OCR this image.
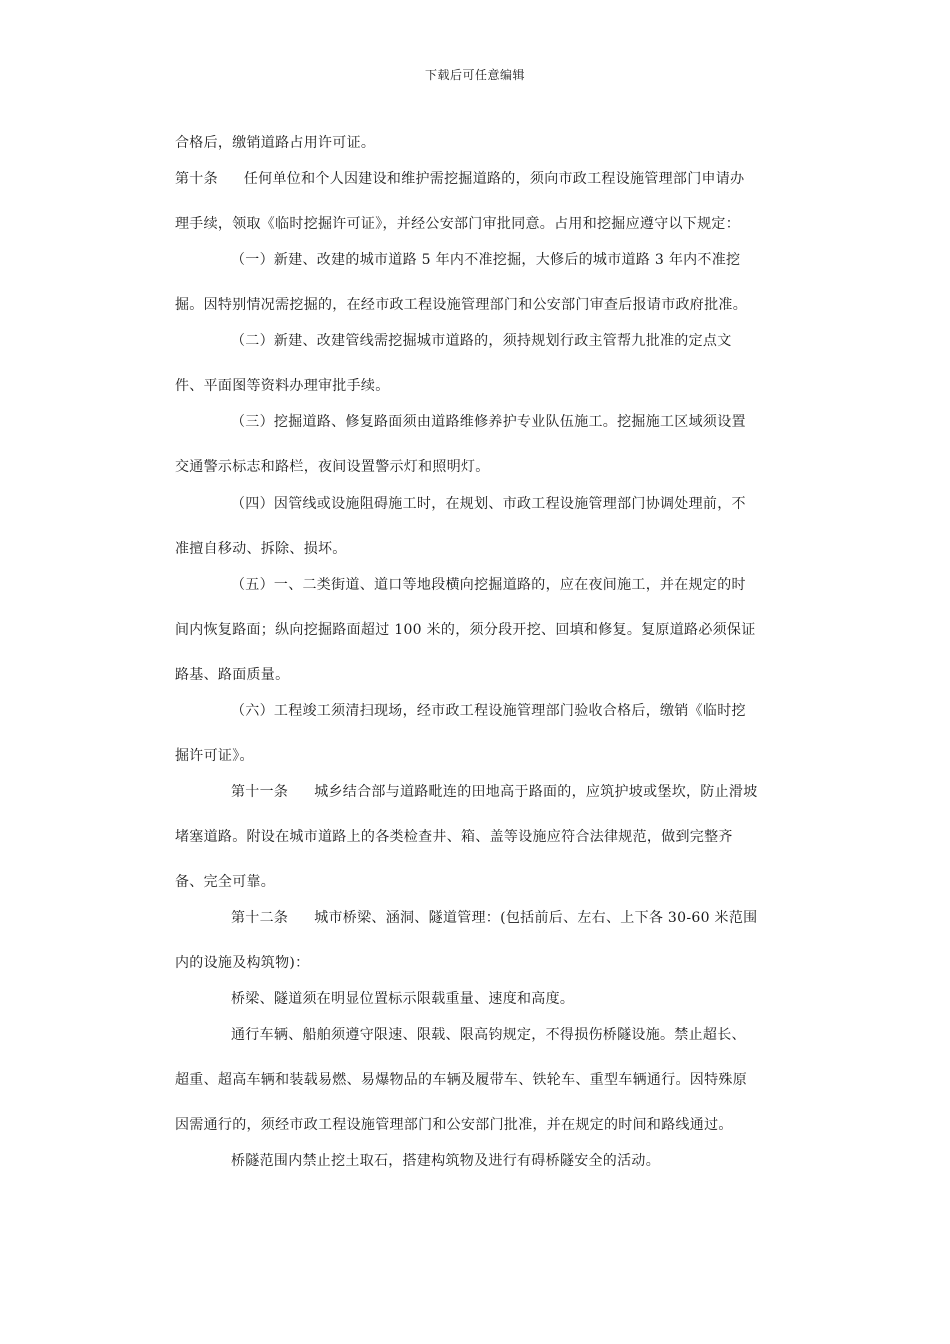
下载后可任意编辑
合格后，缴销道路占用许可证。
第十条 任何单位和个人因建设和维护需挖掘道路的，须向市政工程设施管理部门申请办
理手续，领取《临时挖掘许可证》，并经公安部门审批同意。占用和挖掘应遵守以下规定：
（一）新建、改建的城市道路 5 年内不准挖掘，大修后的城市道路 3 年内不准挖
掘。因特别情况需挖掘的，在经市政工程设施管理部门和公安部门审查后报请市政府批准。
（二）新建、改建管线需挖掘城市道路的，须持规划行政主管帮九批准的定点文
件、平面图等资料办理审批手续。
（三）挖掘道路、修复路面须由道路维修养护专业队伍施工。挖掘施工区域须设置
交通警示标志和路栏，夜间设置警示灯和照明灯。
（四）因管线或设施阻碍施工时，在规划、市政工程设施管理部门协调处理前，不
准擅自移动、拆除、损坏。
（五）一、二类街道、道口等地段横向挖掘道路的，应在夜间施工，并在规定的时
间内恢复路面；纵向挖掘路面超过 100 米的，须分段开挖、回填和修复。复原道路必须保证
路基、路面质量。
（六）工程竣工须清扫现场，经市政工程设施管理部门验收合格后，缴销《临时挖
掘许可证》。
第十一条 城乡结合部与道路毗连的田地高于路面的，应筑护坡或堡坎，防止滑坡
堵塞道路。附设在城市道路上的各类检查井、箱、盖等设施应符合法律规范，做到完整齐
备、完全可靠。
第十二条 城市桥梁、涵洞、隧道管理：(包括前后、左右、上下各 30-60 米范围
内的设施及构筑物)：
桥梁、隧道须在明显位置标示限载重量、速度和高度。
通行车辆、船舶须遵守限速、限载、限高钧规定，不得损伤桥隧设施。禁止超长、
超重、超高车辆和装载易燃、易爆物品的车辆及履带车、铁轮车、重型车辆通行。因特殊原
因需通行的，须经市政工程设施管理部门和公安部门批准，并在规定的时间和路线通过。
桥隧范围内禁止挖土取石，搭建构筑物及进行有碍桥隧安全的活动。
